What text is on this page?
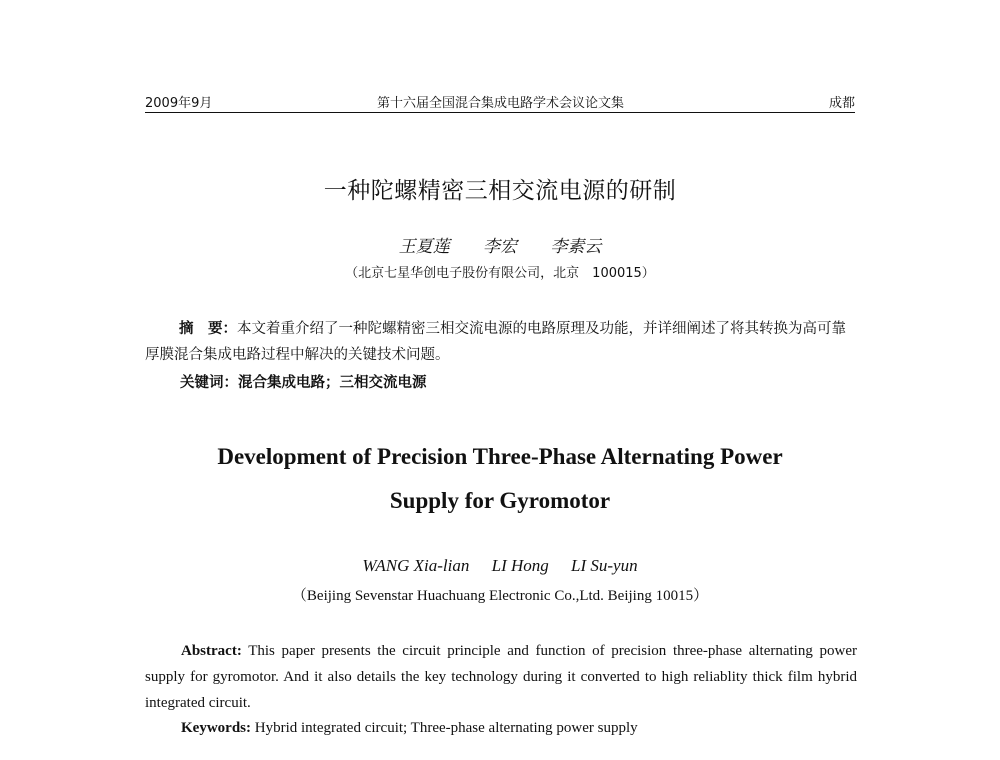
2009年9月	第十六届全国混合集成电路学术会议论文集	成都
一种陀螺精密三相交流电源的研制
王夏莲 李宏 李素云
（北京七星华创电子股份有限公司，北京　100015）
摘　要：本文着重介绍了一种陀螺精密三相交流电源的电路原理及功能，并详细阐述了将其转换为高可靠厚膜混合集成电路过程中解决的关键技术问题。
关键词：混合集成电路；三相交流电源
Development of Precision Three-Phase Alternating Power
Supply for Gyromotor
WANG Xia-lian LI Hong LI Su-yun
（Beijing Sevenstar Huachuang Electronic Co.,Ltd. Beijing 10015）
Abstract: This paper presents the circuit principle and function of precision three-phase alternating power supply for gyromotor. And it also details the key technology during it converted to high reliablity thick film hybrid integrated circuit.
Keywords: Hybrid integrated circuit; Three-phase alternating power supply
